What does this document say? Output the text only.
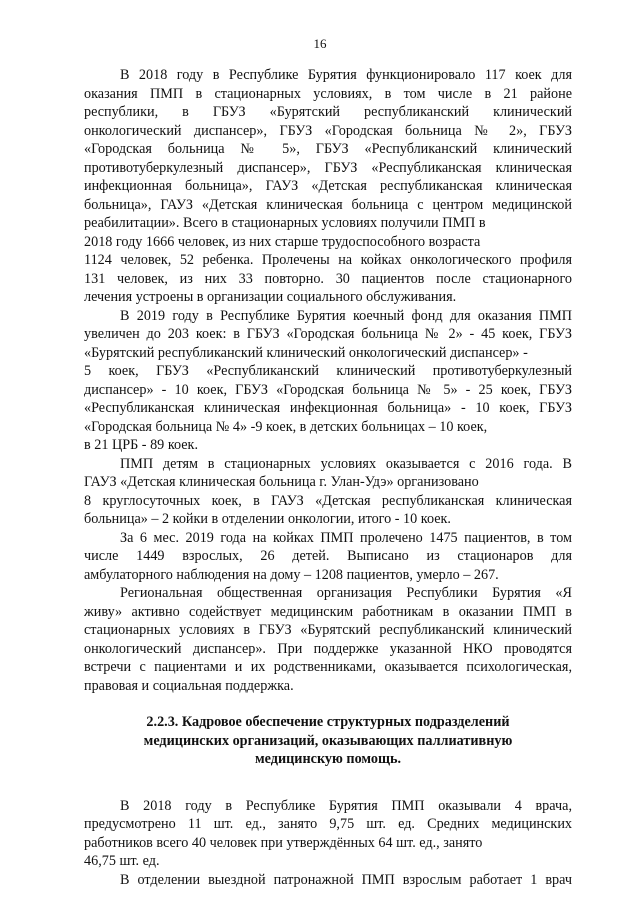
16

В 2018 году в Республике Бурятия функционировало 117 коек для
оказания ПМП в стационарных условиях, в том числе в 21 районе
республики, в ГБУЗ «Бурятский республиканский клинический
онкологический диспансер», ГБУЗ «Городская больница № 2», ГБУЗ
«Городская больница № 5», ГБУЗ «Республиканский клинический
противотуберкулезный диспансер», ГБУЗ «Республиканская клиническая
инфекционная больница», ГАУЗ «Детская республиканская клиническая
больница», ГАУЗ «Детская клиническая больница с центром медицинской
реабилитации». Всего в стационарных условиях получили ПМП в
2018 году 1666 человек, из них старше трудоспособного возраста
1124 человек, 52 ребенка. Пролечены на койках онкологического профиля
131 человек, из них 33 повторно. 30 пациентов после стационарного
лечения устроены в организации социального обслуживания.

В 2019 году в Республике Бурятия коечный фонд для оказания ПМП
увеличен до 203 коек: в ГБУЗ «Городская больница № 2» - 45 коек, ГБУЗ
«Бурятский республиканский клинический онкологический диспансер» -
5 коек, ГБУЗ «Республиканский клинический противотуберкулезный
диспансер» - 10 коек, ГБУЗ «Городская больница № 5» - 25 коек, ГБУЗ
«Республиканская клиническая инфекционная больница» - 10 коек, ГБУЗ
«Городская больница № 4» -9 коек, в детских больницах – 10 коек,
в 21 ЦРБ - 89 коек.

ПМП детям в стационарных условиях оказывается с 2016 года. В
ГАУЗ «Детская клиническая больница г. Улан-Удэ» организовано
8 круглосуточных коек, в ГАУЗ «Детская республиканская клиническая
больница» – 2 койки в отделении онкологии, итого - 10 коек.

За 6 мес. 2019 года на койках ПМП пролечено 1475 пациентов, в том
числе 1449 взрослых, 26 детей. Выписано из стационаров для
амбулаторного наблюдения на дому – 1208 пациентов, умерло – 267.

Региональная общественная организация Республики Бурятия «Я
живу» активно содействует медицинским работникам в оказании ПМП в
стационарных условиях в ГБУЗ «Бурятский республиканский клинический
онкологический диспансер». При поддержке указанной НКО проводятся
встречи с пациентами и их родственниками, оказывается психологическая,
правовая и социальная поддержка.

2.2.3. Кадровое обеспечение структурных подразделений
медицинских организаций, оказывающих паллиативную
медицинскую помощь.

В 2018 году в Республике Бурятия ПМП оказывали 4 врача,
предусмотрено 11 шт. ед., занято 9,75 шт. ед. Средних медицинских
работников всего 40 человек при утверждённых 64 шт. ед., занято
46,75 шт. ед.

В отделении выездной патронажной ПМП взрослым работает 1 врач
